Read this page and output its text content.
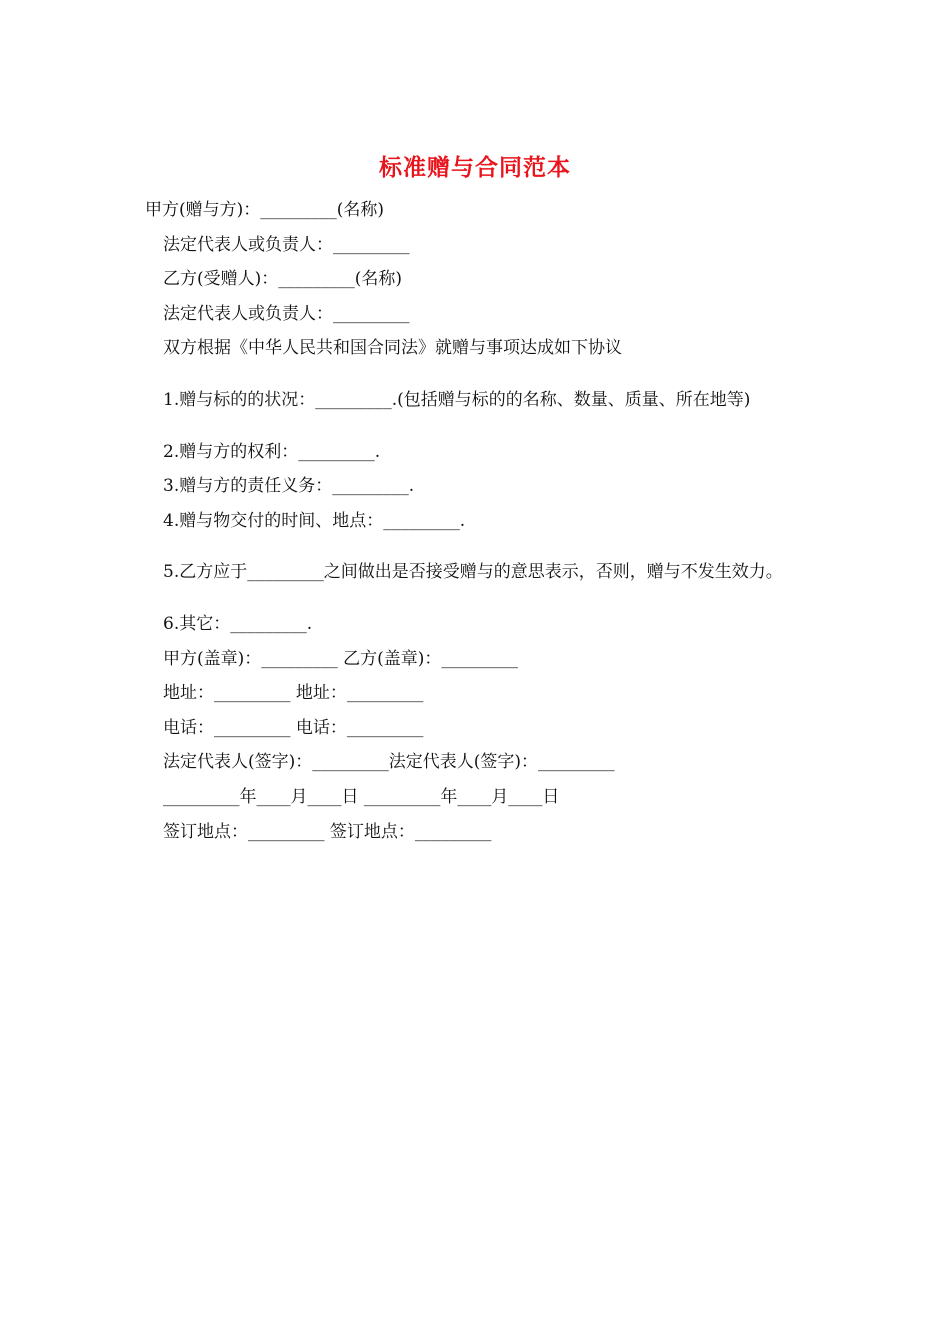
标准赠与合同范本

甲方(赠与方)：_________(名称)

法定代表人或负责人：_________

乙方(受赠人)：_________(名称)

法定代表人或负责人：_________

双方根据《中华人民共和国合同法》就赠与事项达成如下协议

1.赠与标的的状况：_________.(包括赠与标的的名称、数量、质量、所在地等)

2.赠与方的权利：_________.

3.赠与方的责任义务：_________.

4.赠与物交付的时间、地点：_________.

5.乙方应于_________之间做出是否接受赠与的意思表示，否则，赠与不发生效力。

6.其它：_________.

甲方(盖章)：_________ 乙方(盖章)：_________

地址：_________ 地址：_________

电话：_________ 电话：_________

法定代表人(签字)：_________法定代表人(签字)：_________

_________年____月____日 _________年____月____日

签订地点：_________ 签订地点：_________
